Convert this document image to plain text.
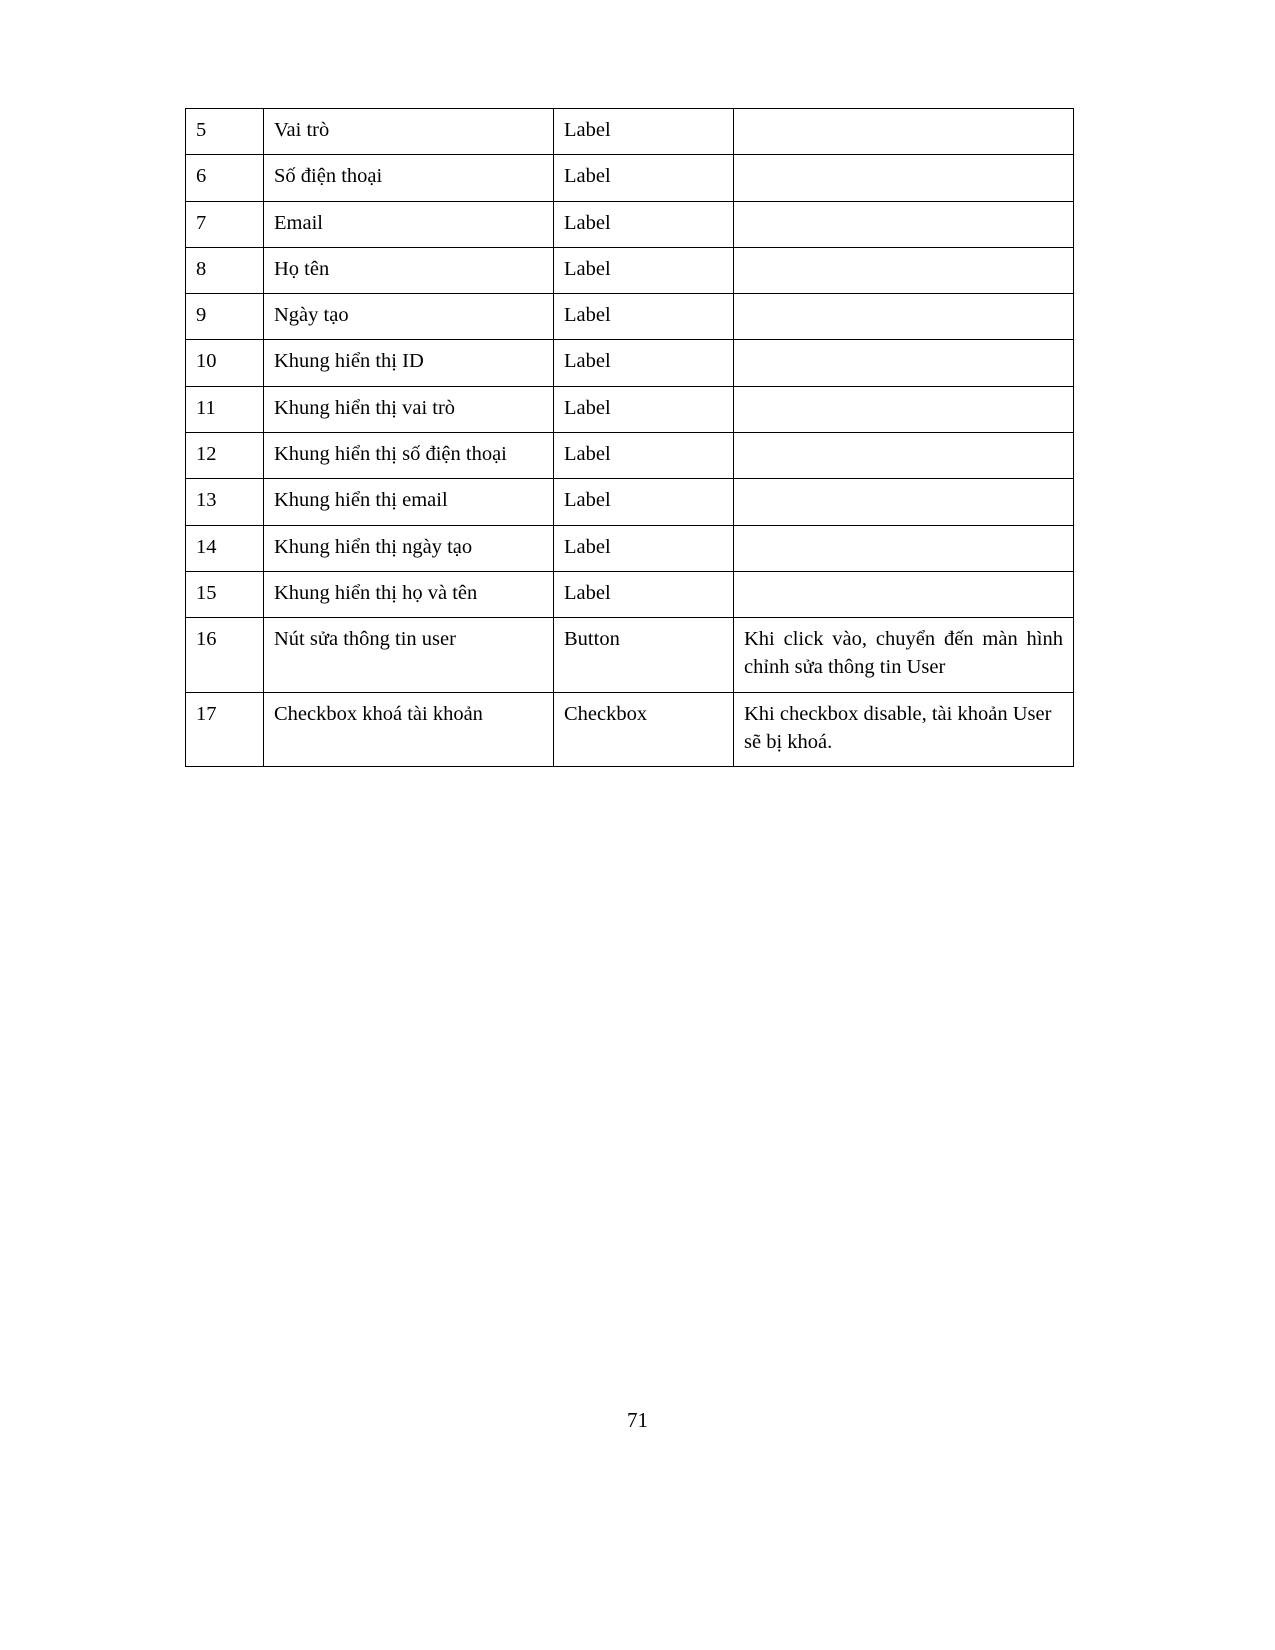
5	Vai trò	Label	
6	Số điện thoại	Label	
7	Email	Label	
8	Họ tên	Label	
9	Ngày tạo	Label	
10	Khung hiển thị ID	Label	
11	Khung hiển thị vai trò	Label	
12	Khung hiển thị số điện thoại	Label	
13	Khung hiển thị email	Label	
14	Khung hiển thị ngày tạo	Label	
15	Khung hiển thị họ và tên	Label	
16	Nút sửa thông tin user	Button	Khi click vào, chuyển đến màn hình chỉnh sửa thông tin User
17	Checkbox khoá tài khoản	Checkbox	Khi checkbox disable, tài khoản User sẽ bị khoá.
71
